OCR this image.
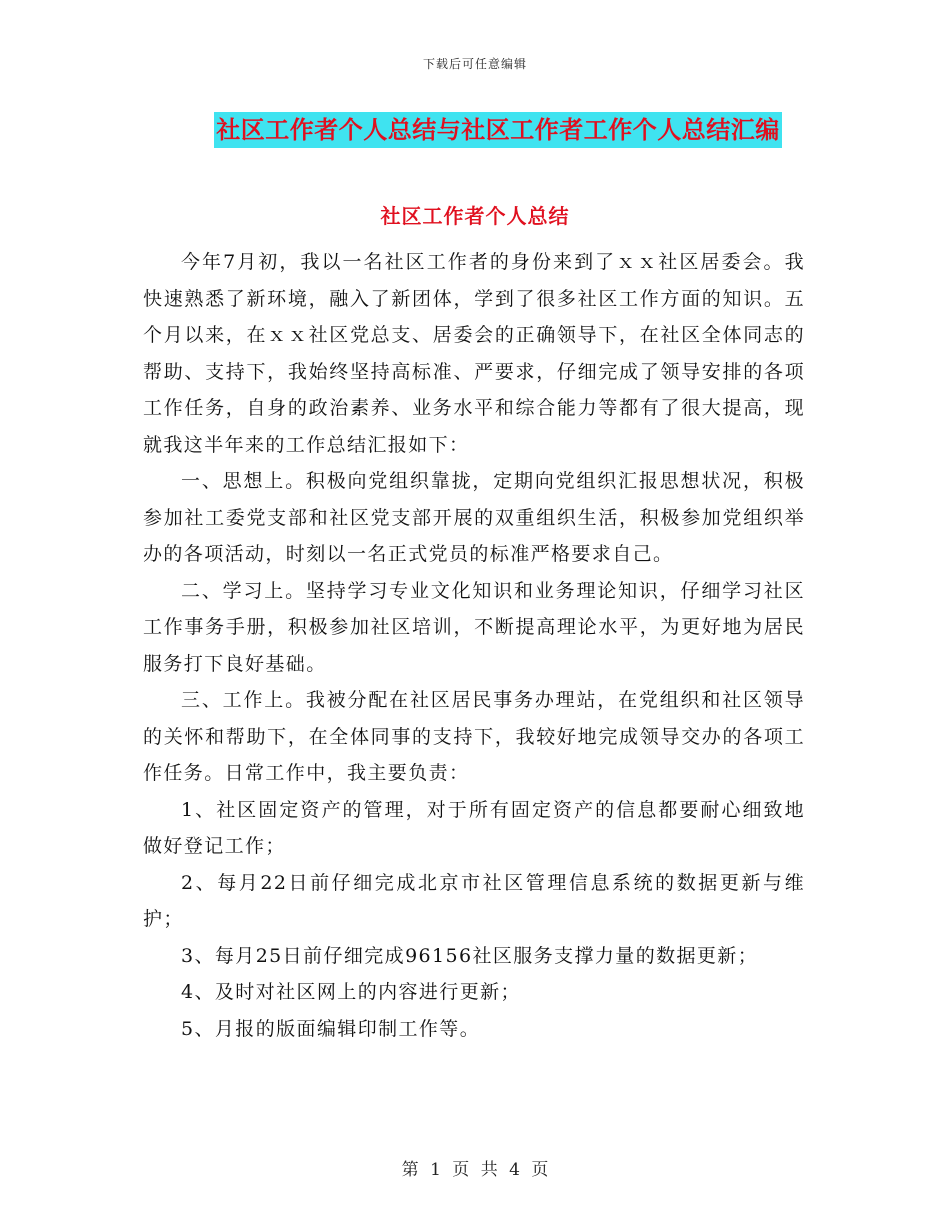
下载后可任意编辑
社区工作者个人总结与社区工作者工作个人总结汇编
社区工作者个人总结

今年7月初，我以一名社区工作者的身份来到了ｘｘ社区居委会。我快速熟悉了新环境，融入了新团体，学到了很多社区工作方面的知识。五个月以来，在ｘｘ社区党总支、居委会的正确领导下，在社区全体同志的帮助、支持下，我始终坚持高标准、严要求，仔细完成了领导安排的各项工作任务，自身的政治素养、业务水平和综合能力等都有了很大提高，现就我这半年来的工作总结汇报如下：

一、思想上。积极向党组织靠拢，定期向党组织汇报思想状况，积极参加社工委党支部和社区党支部开展的双重组织生活，积极参加党组织举办的各项活动，时刻以一名正式党员的标准严格要求自己。

二、学习上。坚持学习专业文化知识和业务理论知识，仔细学习社区工作事务手册，积极参加社区培训，不断提高理论水平，为更好地为居民服务打下良好基础。

三、工作上。我被分配在社区居民事务办理站，在党组织和社区领导的关怀和帮助下，在全体同事的支持下，我较好地完成领导交办的各项工作任务。日常工作中，我主要负责：

1、社区固定资产的管理，对于所有固定资产的信息都要耐心细致地做好登记工作；

2、每月22日前仔细完成北京市社区管理信息系统的数据更新与维护；

3、每月25日前仔细完成96156社区服务支撑力量的数据更新；

4、及时对社区网上的内容进行更新；

5、月报的版面编辑印制工作等。

第 1 页 共 4 页
